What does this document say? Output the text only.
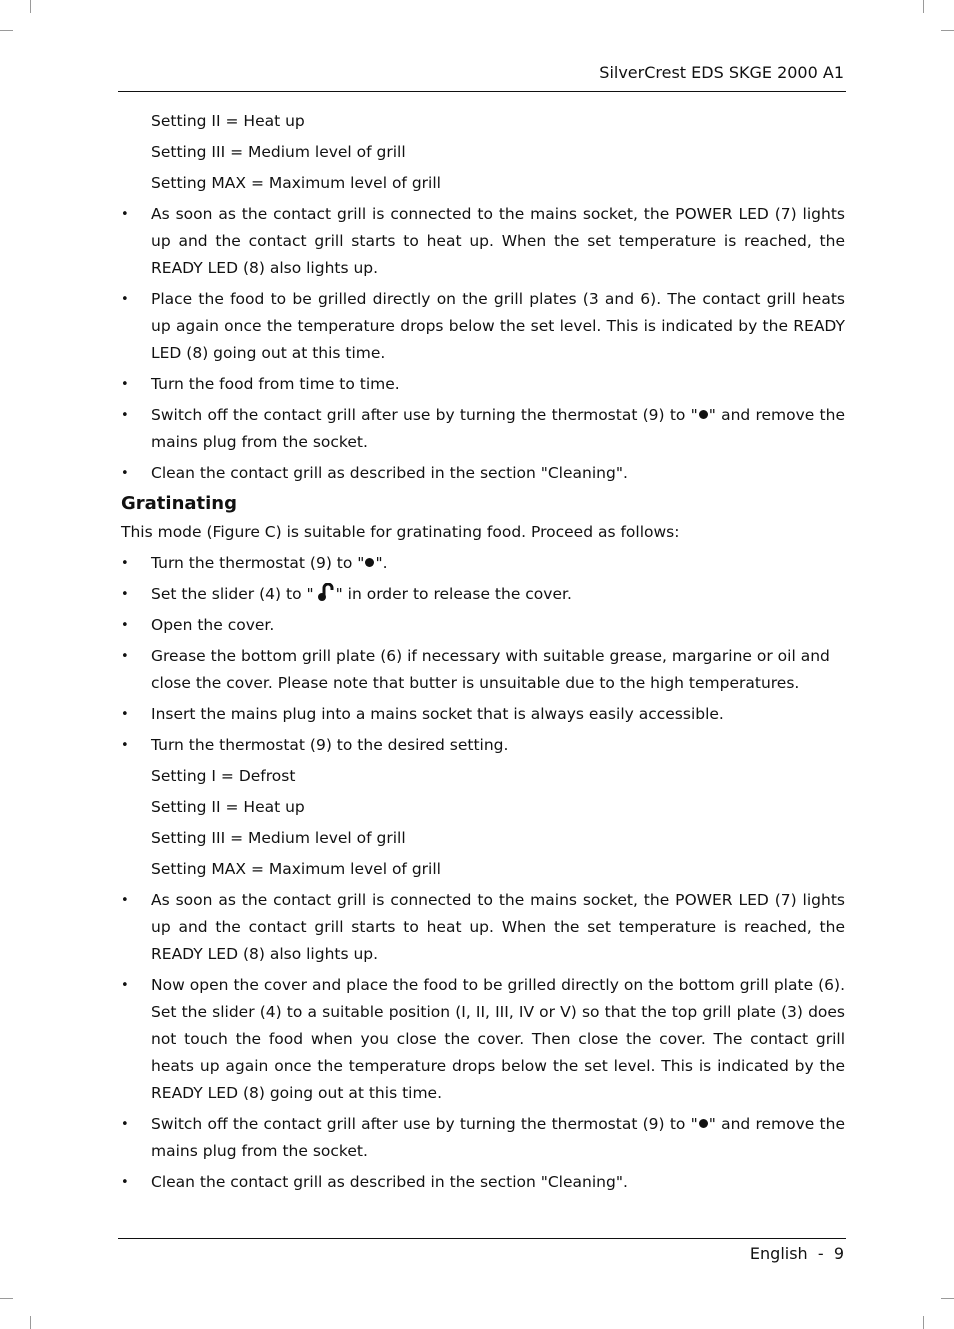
SilverCrest EDS SKGE 2000 A1

Setting II = Heat up

Setting III = Medium level of grill

Setting MAX = Maximum level of grill

• As soon as the contact grill is connected to the mains socket, the POWER LED (7) lights up and the contact grill starts to heat up. When the set temperature is reached, the READY LED (8) also lights up.

• Place the food to be grilled directly on the grill plates (3 and 6). The contact grill heats up again once the temperature drops below the set level. This is indicated by the READY LED (8) going out at this time.

• Turn the food from time to time.

• Switch off the contact grill after use by turning the thermostat (9) to " " and remove the mains plug from the socket.

• Clean the contact grill as described in the section "Cleaning".

Gratinating

This mode (Figure C) is suitable for gratinating food. Proceed as follows:

• Turn the thermostat (9) to " ".

• Set the slider (4) to " " in order to release the cover.

• Open the cover.

• Grease the bottom grill plate (6) if necessary with suitable grease, margarine or oil and close the cover. Please note that butter is unsuitable due to the high temperatures.

• Insert the mains plug into a mains socket that is always easily accessible.

• Turn the thermostat (9) to the desired setting.

Setting I = Defrost

Setting II = Heat up

Setting III = Medium level of grill

Setting MAX = Maximum level of grill

• As soon as the contact grill is connected to the mains socket, the POWER LED (7) lights up and the contact grill starts to heat up. When the set temperature is reached, the READY LED (8) also lights up.

• Now open the cover and place the food to be grilled directly on the bottom grill plate (6). Set the slider (4) to a suitable position (I, II, III, IV or V) so that the top grill plate (3) does not touch the food when you close the cover. Then close the cover. The contact grill heats up again once the temperature drops below the set level. This is indicated by the READY LED (8) going out at this time.

• Switch off the contact grill after use by turning the thermostat (9) to " " and remove the mains plug from the socket.

• Clean the contact grill as described in the section "Cleaning".

English  -  9
